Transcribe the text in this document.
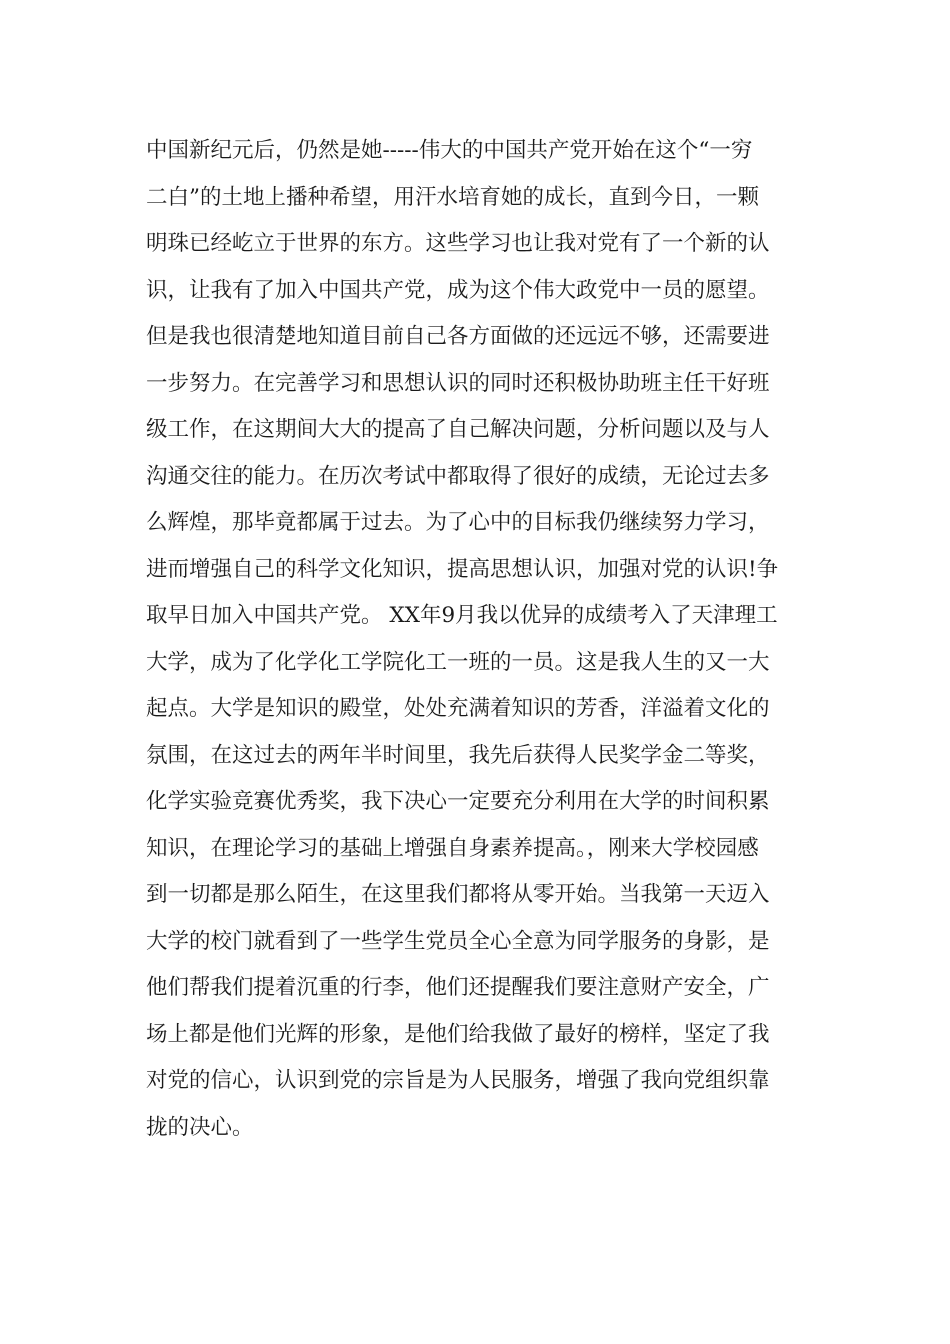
中国新纪元后，仍然是她-----伟大的中国共产党开始在这个“一穷
二白”的土地上播种希望，用汗水培育她的成长，直到今日，一颗
明珠已经屹立于世界的东方。这些学习也让我对党有了一个新的认
识，让我有了加入中国共产党，成为这个伟大政党中一员的愿望。
但是我也很清楚地知道目前自己各方面做的还远远不够，还需要进
一步努力。在完善学习和思想认识的同时还积极协助班主任干好班
级工作，在这期间大大的提高了自己解决问题，分析问题以及与人
沟通交往的能力。在历次考试中都取得了很好的成绩，无论过去多
么辉煌，那毕竟都属于过去。为了心中的目标我仍继续努力学习，
进而增强自己的科学文化知识，提高思想认识，加强对党的认识!争
取早日加入中国共产党。 XX年9月我以优异的成绩考入了天津理工
大学，成为了化学化工学院化工一班的一员。这是我人生的又一大
起点。大学是知识的殿堂，处处充满着知识的芳香，洋溢着文化的
氛围，在这过去的两年半时间里，我先后获得人民奖学金二等奖，
化学实验竞赛优秀奖，我下决心一定要充分利用在大学的时间积累
知识，在理论学习的基础上增强自身素养提高。，刚来大学校园感
到一切都是那么陌生，在这里我们都将从零开始。当我第一天迈入
大学的校门就看到了一些学生党员全心全意为同学服务的身影，是
他们帮我们提着沉重的行李，他们还提醒我们要注意财产安全，广
场上都是他们光辉的形象，是他们给我做了最好的榜样，坚定了我
对党的信心，认识到党的宗旨是为人民服务，增强了我向党组织靠
拢的决心。
